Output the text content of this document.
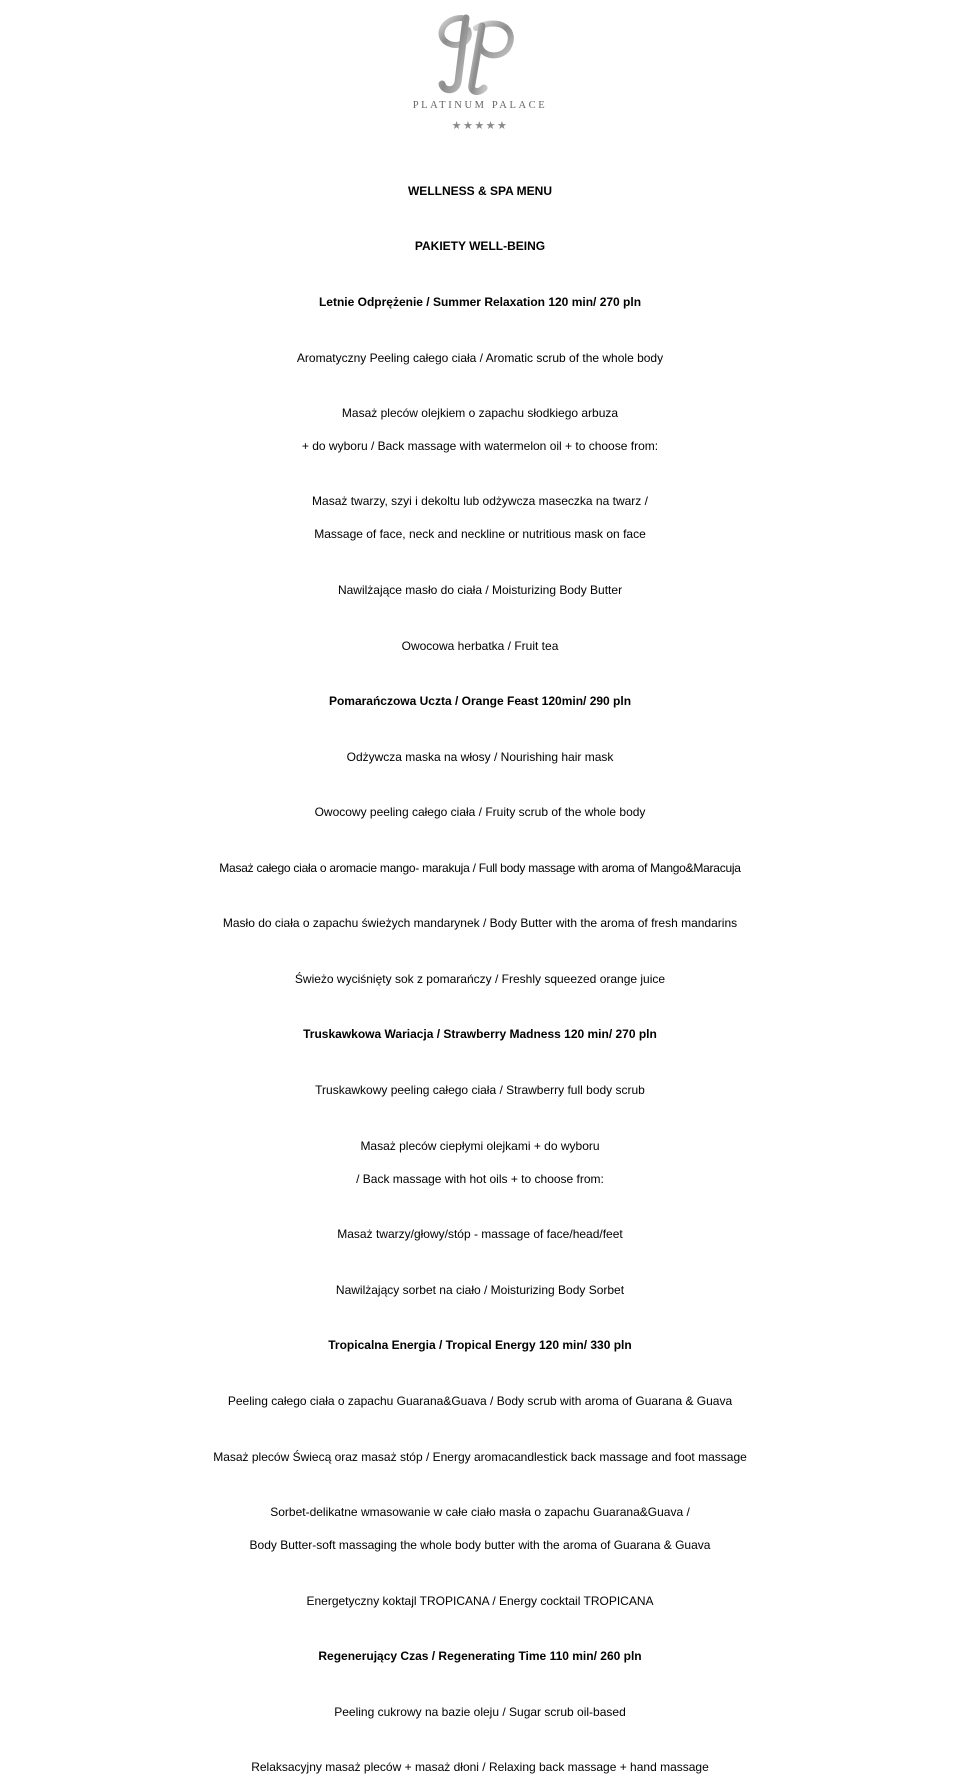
PLATINUM PALACE
★★★★★
WELLNESS & SPA MENU
PAKIETY WELL-BEING
Letnie Odprężenie / Summer Relaxation 120 min/ 270 pln
Aromatyczny Peeling całego ciała / Aromatic scrub of the whole body
Masaż pleców olejkiem o zapachu słodkiego arbuza
+ do wyboru / Back massage with watermelon oil + to choose from:
Masaż twarzy, szyi i dekoltu lub odżywcza maseczka na twarz /
Massage of face, neck and neckline or nutritious mask on face
Nawilżające masło do ciała / Moisturizing Body Butter
Owocowa herbatka / Fruit tea
Pomarańczowa Uczta / Orange Feast 120min/ 290 pln
Odżywcza maska na włosy / Nourishing hair mask
Owocowy peeling całego ciała / Fruity scrub of the whole body
Masaż całego ciała o aromacie mango- marakuja / Full body massage with aroma of Mango&Maracuja
Masło do ciała o zapachu świeżych mandarynek / Body Butter with the aroma of fresh mandarins
Świeżo wyciśnięty sok z pomarańczy / Freshly squeezed orange juice
Truskawkowa Wariacja / Strawberry Madness 120 min/ 270 pln
Truskawkowy peeling całego ciała / Strawberry full body scrub
Masaż pleców ciepłymi olejkami + do wyboru
/ Back massage with hot oils + to choose from:
Masaż twarzy/głowy/stóp - massage of face/head/feet
Nawilżający sorbet na ciało / Moisturizing Body Sorbet
Tropicalna Energia / Tropical Energy 120 min/ 330 pln
Peeling całego ciała o zapachu Guarana&Guava / Body scrub with aroma of Guarana & Guava
Masaż pleców Świecą oraz masaż stóp / Energy aromacandlestick back massage and foot massage
Sorbet-delikatne wmasowanie w całe ciało masła o zapachu Guarana&Guava /
Body Butter-soft massaging the whole body butter with the aroma of Guarana & Guava
Energetyczny koktajl TROPICANA / Energy cocktail TROPICANA
Regenerujący Czas / Regenerating Time 110 min/ 260 pln
Peeling cukrowy na bazie oleju / Sugar scrub oil-based
Relaksacyjny masaż pleców + masaż dłoni / Relaxing back massage + hand massage
